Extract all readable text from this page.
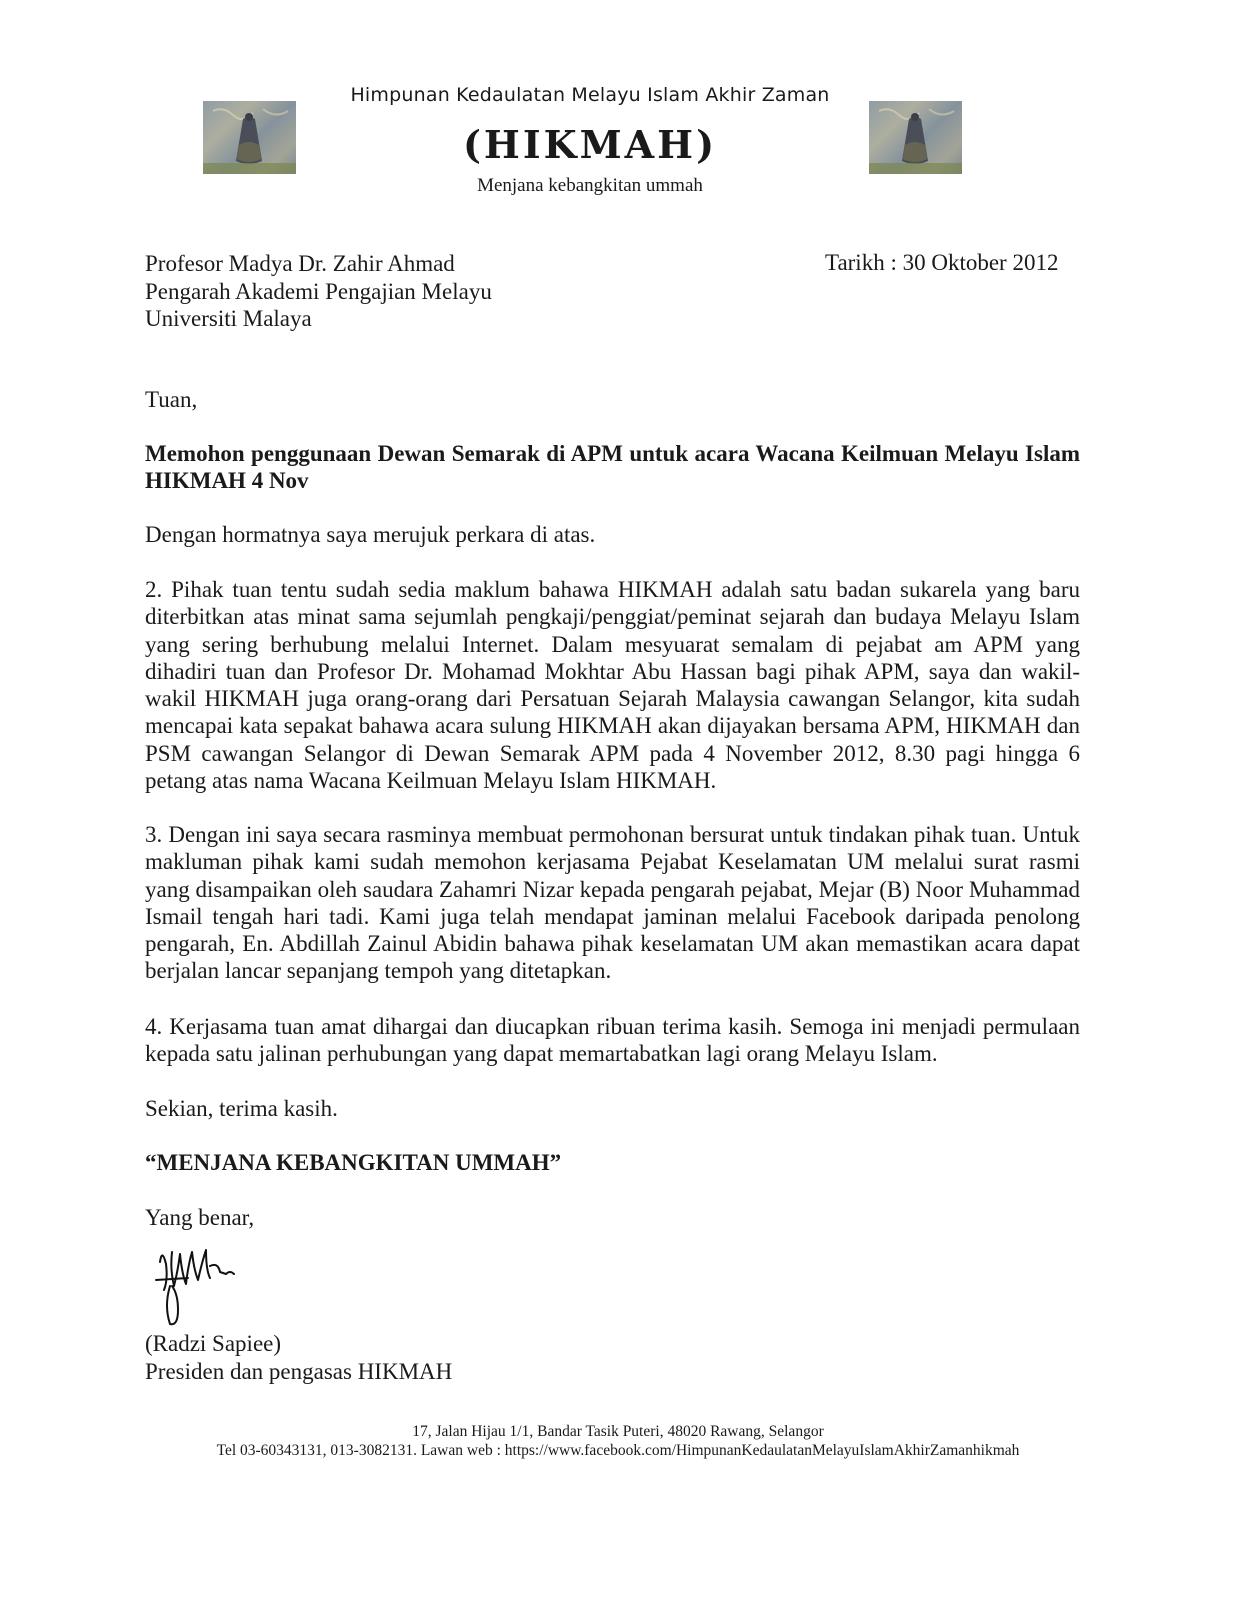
Himpunan Kedaulatan Melayu Islam Akhir Zaman
(HIKMAH)
Menjana kebangkitan ummah
Profesor Madya Dr. Zahir Ahmad
Pengarah Akademi Pengajian Melayu
Universiti Malaya
Tarikh : 30 Oktober 2012
Tuan,
Memohon penggunaan Dewan Semarak di APM untuk acara Wacana Keilmuan Melayu Islam HIKMAH 4 Nov
Dengan hormatnya saya merujuk perkara di atas.
2. Pihak tuan tentu sudah sedia maklum bahawa HIKMAH adalah satu badan sukarela yang baru diterbitkan atas minat sama sejumlah pengkaji/penggiat/peminat sejarah dan budaya Melayu Islam yang sering berhubung melalui Internet. Dalam mesyuarat semalam di pejabat am APM yang dihadiri tuan dan Profesor Dr. Mohamad Mokhtar Abu Hassan bagi pihak APM, saya dan wakil-wakil HIKMAH juga orang-orang dari Persatuan Sejarah Malaysia cawangan Selangor, kita sudah mencapai kata sepakat bahawa acara sulung HIKMAH akan dijayakan bersama APM, HIKMAH dan PSM cawangan Selangor di Dewan Semarak APM pada 4 November 2012, 8.30 pagi hingga 6 petang atas nama Wacana Keilmuan Melayu Islam HIKMAH.
3. Dengan ini saya secara rasminya membuat permohonan bersurat untuk tindakan pihak tuan. Untuk makluman pihak kami sudah memohon kerjasama Pejabat Keselamatan UM melalui surat rasmi yang disampaikan oleh saudara Zahamri Nizar kepada pengarah pejabat, Mejar (B) Noor Muhammad Ismail tengah hari tadi. Kami juga telah mendapat jaminan melalui Facebook daripada penolong pengarah, En. Abdillah Zainul Abidin bahawa pihak keselamatan UM akan memastikan acara dapat berjalan lancar sepanjang tempoh yang ditetapkan.
4. Kerjasama tuan amat dihargai dan diucapkan ribuan terima kasih. Semoga ini menjadi permulaan kepada satu jalinan perhubungan yang dapat memartabatkan lagi orang Melayu Islam.
Sekian, terima kasih.
“MENJANA KEBANGKITAN UMMAH”
Yang benar,
(Radzi Sapiee)
Presiden dan pengasas HIKMAH
17, Jalan Hijau 1/1, Bandar Tasik Puteri, 48020 Rawang, Selangor
Tel 03-60343131, 013-3082131. Lawan web : https://www.facebook.com/HimpunanKedaulatanMelayuIslamAkhirZamanhikmah
